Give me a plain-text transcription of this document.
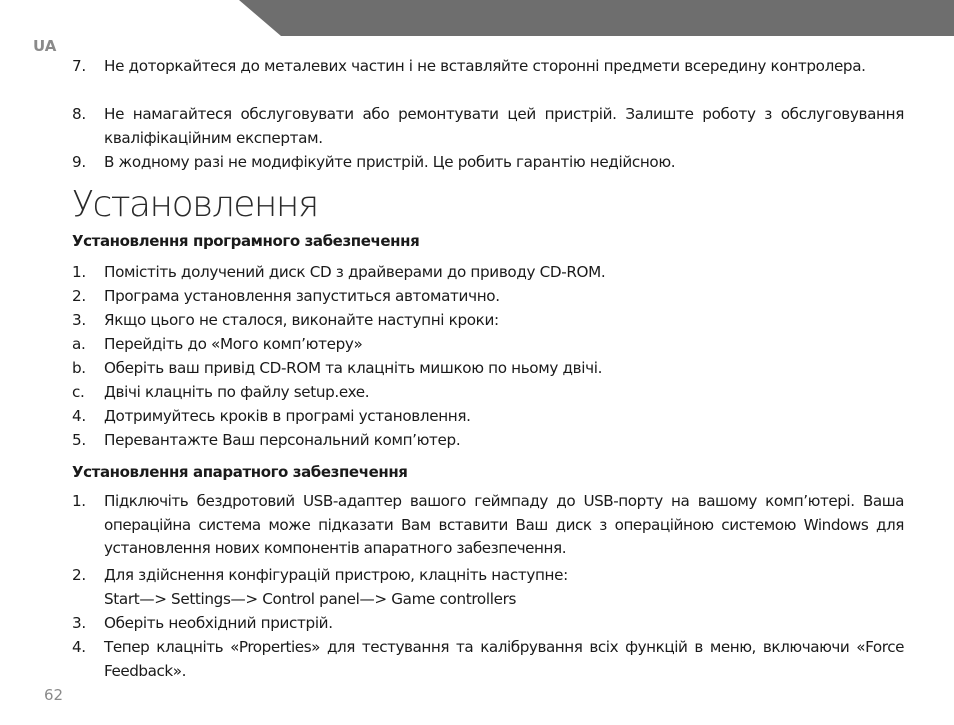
UA
7. Не доторкайтеся до металевих частин і не вставляйте сторонні предмети всередину контролера.
8. Не намагайтеся обслуговувати або ремонтувати цей пристрій. Залиште роботу з обслуговування кваліфікаційним експертам.
9. В жодному разі не модифікуйте пристрій. Це робить гарантію недійсною.
Установлення
Установлення програмного забезпечення
1. Помістіть долучений диск CD з драйверами до приводу CD-ROM.
2. Програма установлення запуститься автоматично.
3. Якщо цього не сталося, виконайте наступні кроки:
a. Перейдіть до «Мого комп’ютеру»
b. Оберіть ваш привід CD-ROM та клацніть мишкою по ньому двічі.
c. Двічі клацніть по файлу setup.exe.
4. Дотримуйтесь кроків в програмі установлення.
5. Перевантажте Ваш персональний комп’ютер.
Установлення апаратного забезпечення
1. Підключіть бездротовий USB-адаптер вашого геймпаду до USB-порту на вашому комп’ютері. Ваша операційна система може підказати Вам вставити Ваш диск з операційною системою Windows для установлення нових компонентів апаратного забезпечення.
2. Для здійснення конфігурацій пристрою, клацніть наступне:
Start—> Settings—> Control panel—> Game controllers
3. Оберіть необхідний пристрій.
4. Тепер клацніть «Properties» для тестування та калібрування всіх функцій в меню, включаючи «Force Feedback».
62
